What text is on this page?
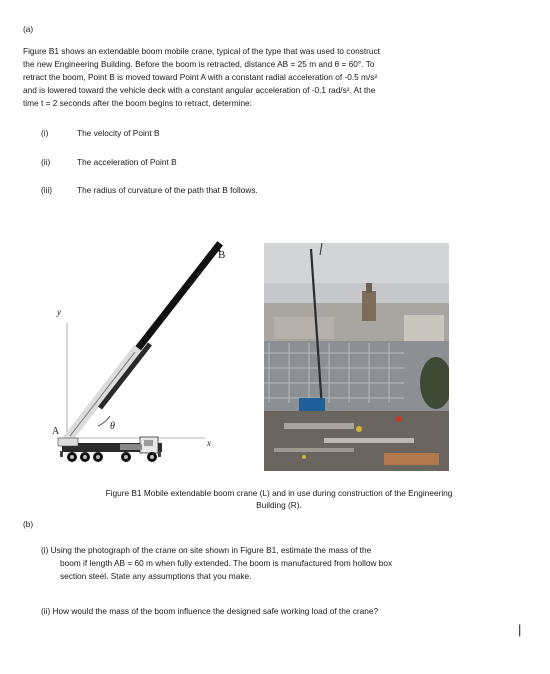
(a)
Figure B1 shows an extendable boom mobile crane, typical of the type that was used to construct
the new Engineering Building. Before the boom is retracted, distance AB = 25 m and θ = 60°. To
retract the boom, Point B is moved toward Point A with a constant radial acceleration of -0.5 m/s²
and is lowered toward the vehicle deck with a constant angular acceleration of -0.1 rad/s². At the
time t = 2 seconds after the boom begins to retract, determine:
(i)	The velocity of Point B
(ii)	The acceleration of Point B
(iii)	The radius of curvature of the path that B follows.
B
A
y
x
θ
Figure B1 Mobile extendable boom crane (L) and in use during construction of the Engineering
Building (R).
(b)
(i) Using the photograph of the crane on site shown in Figure B1, estimate the mass of the
boom if length AB = 60 m when fully extended. The boom is manufactured from hollow box
section steel. State any assumptions that you make.
(ii) How would the mass of the boom influence the designed safe working load of the crane?
|
